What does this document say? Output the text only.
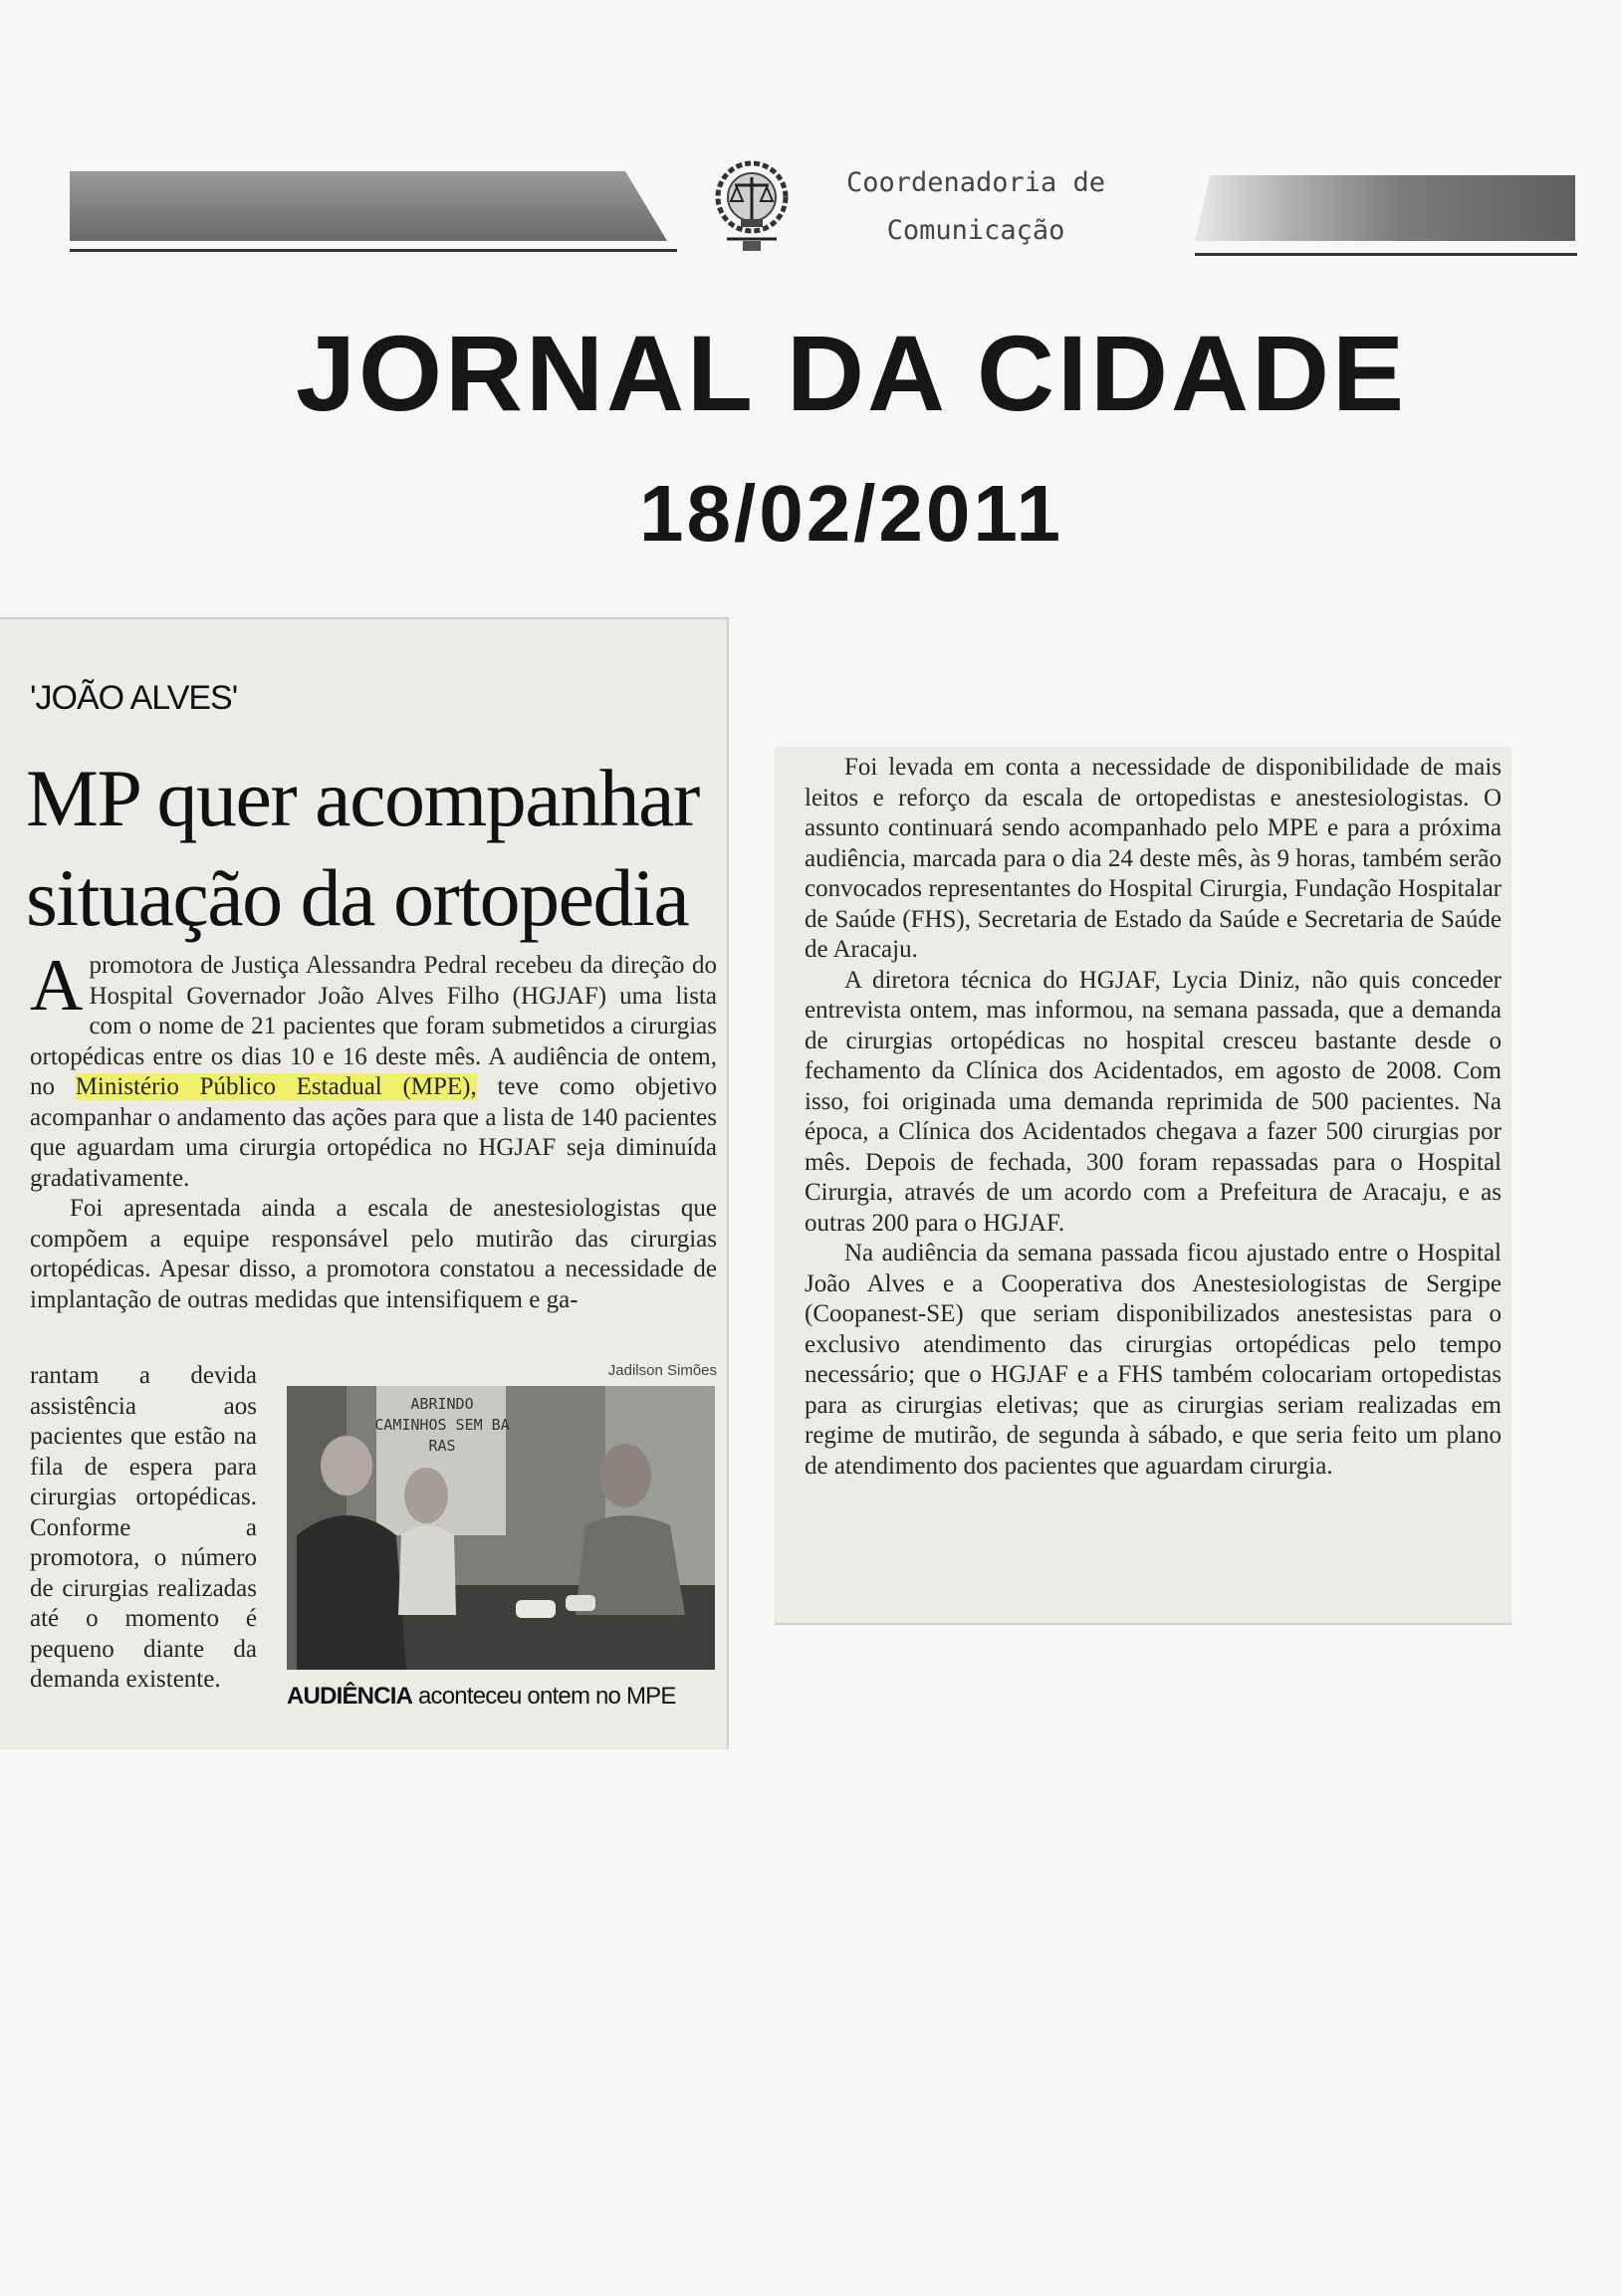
Coordenadoria de
Comunicação
JORNAL DA CIDADE
18/02/2011
'JOÃO ALVES'
MP quer acompanhar
situação da ortopedia

Apromotora de Justiça Alessandra Pedral recebeu da direção do Hospital Governador João Alves Filho (HGJAF) uma lista com o nome de 21 pacientes que foram submetidos a cirurgias ortopédicas entre os dias 10 e 16 deste mês. A audiência de ontem, no Ministério Público Estadual (MPE), teve como objetivo acompanhar o andamento das ações para que a lista de 140 pacientes que aguardam uma cirurgia ortopédica no HGJAF seja diminuída gradativamente.

Foi apresentada ainda a escala de anestesiologistas que compõem a equipe responsável pelo mutirão das cirurgias ortopédicas. Apesar disso, a promotora constatou a necessidade de implantação de outras medidas que intensifiquem e ga-

rantam a devida assistência aos pacientes que estão na fila de espera para cirurgias ortopédicas. Conforme a promotora, o número de cirurgias realizadas até o momento é pequeno diante da demanda existente.
Jadilson Simões
ABRINDO CAMINHOS SEM BA RAS
AUDIÊNCIA aconteceu ontem no MPE

Foi levada em conta a necessidade de disponibilidade de mais leitos e reforço da escala de ortopedistas e anestesiologistas. O assunto continuará sendo acompanhado pelo MPE e para a próxima audiência, marcada para o dia 24 deste mês, às 9 horas, também serão convocados representantes do Hospital Cirurgia, Fundação Hospitalar de Saúde (FHS), Secretaria de Estado da Saúde e Secretaria de Saúde de Aracaju.

A diretora técnica do HGJAF, Lycia Diniz, não quis conceder entrevista ontem, mas informou, na semana passada, que a demanda de cirurgias ortopédicas no hospital cresceu bastante desde o fechamento da Clínica dos Acidentados, em agosto de 2008. Com isso, foi originada uma demanda reprimida de 500 pacientes. Na época, a Clínica dos Acidentados chegava a fazer 500 cirurgias por mês. Depois de fechada, 300 foram repassadas para o Hospital Cirurgia, através de um acordo com a Prefeitura de Aracaju, e as outras 200 para o HGJAF.

Na audiência da semana passada ficou ajustado entre o Hospital João Alves e a Cooperativa dos Anestesiologistas de Sergipe (Coopanest-SE) que seriam disponibilizados anestesistas para o exclusivo atendimento das cirurgias ortopédicas pelo tempo necessário; que o HGJAF e a FHS também colocariam ortopedistas para as cirurgias eletivas; que as cirurgias seriam realizadas em regime de mutirão, de segunda à sábado, e que seria feito um plano de atendimento dos pacientes que aguardam cirurgia.
